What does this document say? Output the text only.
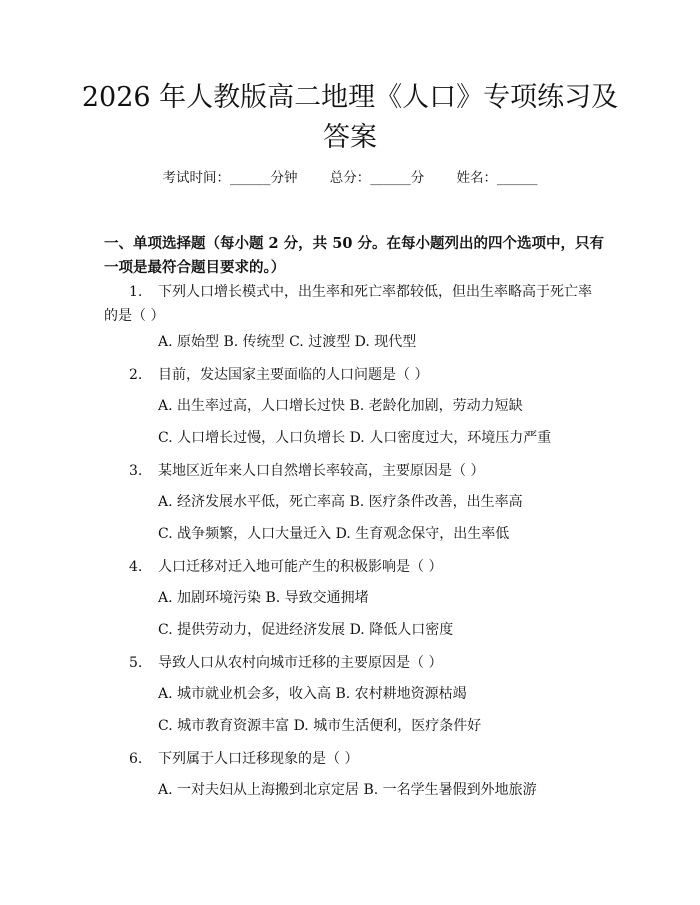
2026 年人教版高二地理《人口》专项练习及答案
考试时间：______分钟 总分：______分 姓名：______

一、单项选择题（每小题 2 分，共 50 分。在每小题列出的四个选项中，只有一项是最符合题目要求的。）

1. 下列人口增长模式中，出生率和死亡率都较低，但出生率略高于死亡率的是（ ）

A. 原始型 B. 传统型 C. 过渡型 D. 现代型

2. 目前，发达国家主要面临的人口问题是（ ）

A. 出生率过高，人口增长过快 B. 老龄化加剧，劳动力短缺

C. 人口增长过慢，人口负增长 D. 人口密度过大，环境压力严重

3. 某地区近年来人口自然增长率较高，主要原因是（ ）

A. 经济发展水平低，死亡率高 B. 医疗条件改善，出生率高

C. 战争频繁，人口大量迁入 D. 生育观念保守，出生率低

4. 人口迁移对迁入地可能产生的积极影响是（ ）

A. 加剧环境污染 B. 导致交通拥堵

C. 提供劳动力，促进经济发展 D. 降低人口密度

5. 导致人口从农村向城市迁移的主要原因是（ ）

A. 城市就业机会多，收入高 B. 农村耕地资源枯竭

C. 城市教育资源丰富 D. 城市生活便利，医疗条件好

6. 下列属于人口迁移现象的是（ ）

A. 一对夫妇从上海搬到北京定居 B. 一名学生暑假到外地旅游
